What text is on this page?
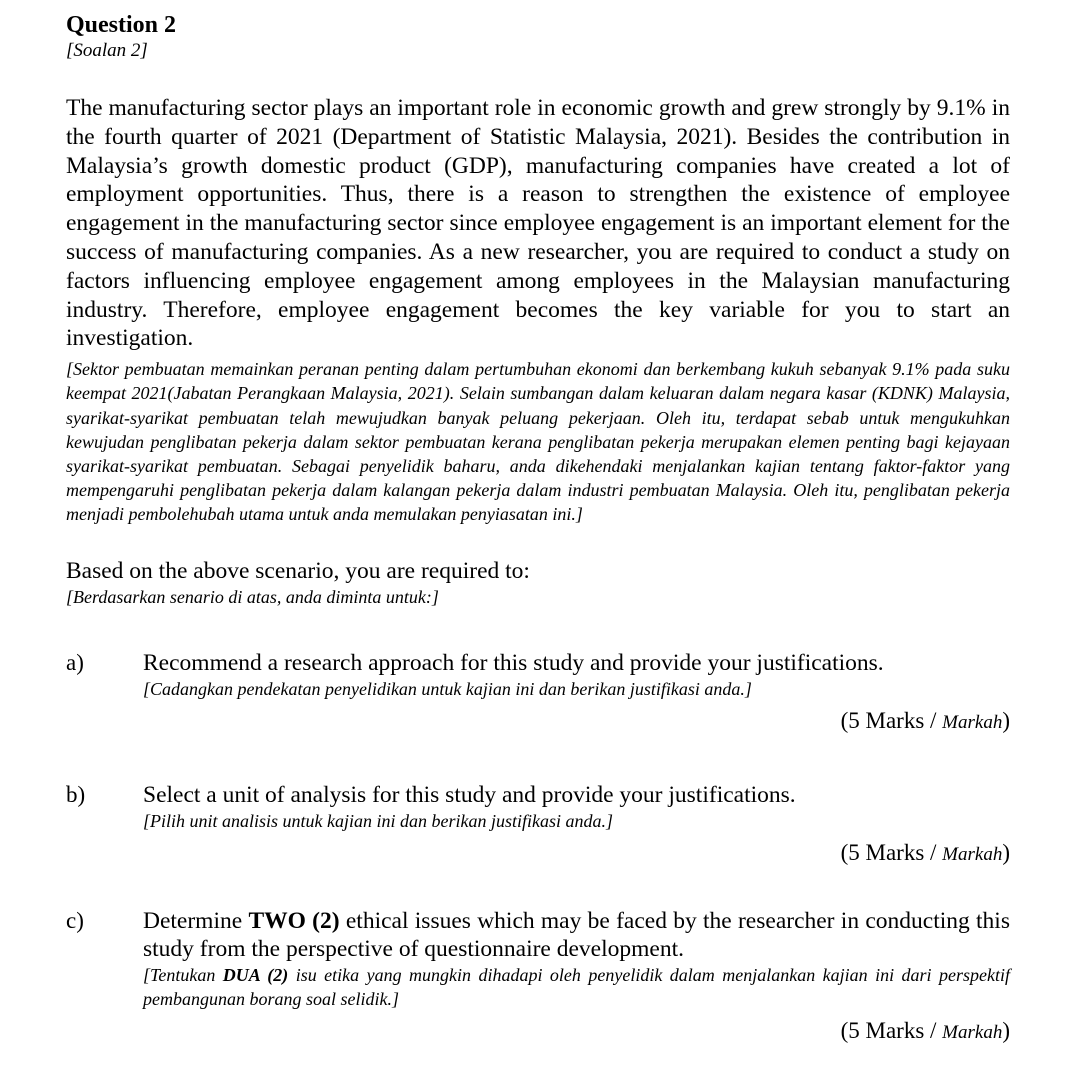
Question 2

[Soalan 2]

The manufacturing sector plays an important role in economic growth and grew strongly by 9.1% in the fourth quarter of 2021 (Department of Statistic Malaysia, 2021). Besides the contribution in Malaysia’s growth domestic product (GDP), manufacturing companies have created a lot of employment opportunities. Thus, there is a reason to strengthen the existence of employee engagement in the manufacturing sector since employee engagement is an important element for the success of manufacturing companies. As a new researcher, you are required to conduct a study on factors influencing employee engagement among employees in the Malaysian manufacturing industry. Therefore, employee engagement becomes the key variable for you to start an investigation.

[Sektor pembuatan memainkan peranan penting dalam pertumbuhan ekonomi dan berkembang kukuh sebanyak 9.1% pada suku keempat 2021(Jabatan Perangkaan Malaysia, 2021). Selain sumbangan dalam keluaran dalam negara kasar (KDNK) Malaysia, syarikat-syarikat pembuatan telah mewujudkan banyak peluang pekerjaan. Oleh itu, terdapat sebab untuk mengukuhkan kewujudan penglibatan pekerja dalam sektor pembuatan kerana penglibatan pekerja merupakan elemen penting bagi kejayaan syarikat-syarikat pembuatan. Sebagai penyelidik baharu, anda dikehendaki menjalankan kajian tentang faktor-faktor yang mempengaruhi penglibatan pekerja dalam kalangan pekerja dalam industri pembuatan Malaysia. Oleh itu, penglibatan pekerja menjadi pembolehubah utama untuk anda memulakan penyiasatan ini.]

Based on the above scenario, you are required to:

[Berdasarkan senario di atas, anda diminta untuk:]

a)	Recommend a research approach for this study and provide your justifications.

[Cadangkan pendekatan penyelidikan untuk kajian ini dan berikan justifikasi anda.]

(5 Marks / Markah)

b) Select a unit of analysis for this study and provide your justifications.

[Pilih unit analisis untuk kajian ini dan berikan justifikasi anda.]

(5 Marks / Markah)

c)	Determine TWO (2) ethical issues which may be faced by the researcher in conducting this study from the perspective of questionnaire development.

[Tentukan DUA (2) isu etika yang mungkin dihadapi oleh penyelidik dalam menjalankan kajian ini dari perspektif pembangunan borang soal selidik.]

(5 Marks / Markah)
